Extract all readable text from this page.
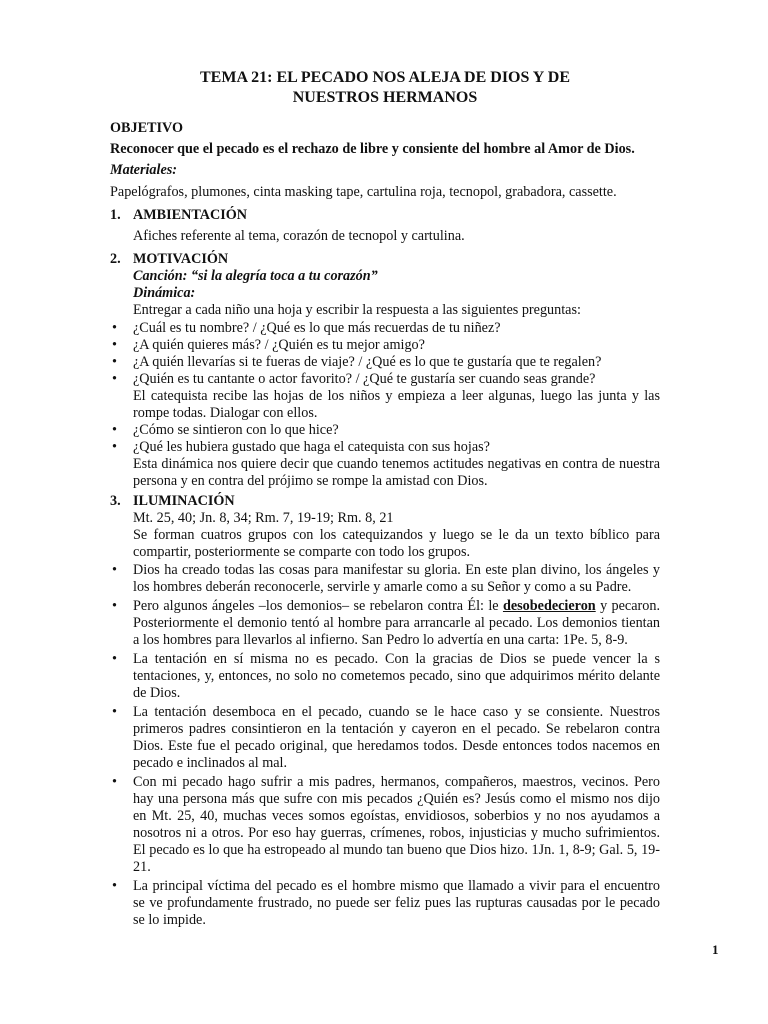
TEMA 21: EL PECADO NOS ALEJA DE DIOS Y DE
NUESTROS HERMANOS

OBJETIVO

Reconocer que el pecado es el rechazo de libre y consiente del hombre al Amor de Dios.

Materiales:

Papelógrafos, plumones, cinta masking tape, cartulina roja, tecnopol, grabadora, cassette.

1. AMBIENTACIÓN

Afiches referente al tema, corazón de tecnopol y cartulina.

2. MOTIVACIÓN

Canción: “si la alegría toca a tu corazón”

Dinámica:

Entregar a cada niño una hoja y escribir la respuesta a las siguientes preguntas:

• ¿Cuál es tu nombre? / ¿Qué es lo que más recuerdas de tu niñez?
• ¿A quién quieres más? / ¿Quién es tu mejor amigo?
• ¿A quién llevarías si te fueras de viaje? / ¿Qué es lo que te gustaría que te regalen?
• ¿Quién es tu cantante o actor favorito? / ¿Qué te gustaría ser cuando seas grande?

El catequista recibe las hojas de los niños y empieza a leer algunas, luego las junta y las rompe todas. Dialogar con ellos.

• ¿Cómo se sintieron con lo que hice?
• ¿Qué les hubiera gustado que haga el catequista con sus hojas?

Esta dinámica nos quiere decir que cuando tenemos actitudes negativas en contra de nuestra persona y en contra del prójimo se rompe la amistad con Dios.

3. ILUMINACIÓN

Mt. 25, 40; Jn. 8, 34; Rm. 7, 19-19; Rm. 8, 21

Se forman cuatros grupos con los catequizandos y luego se le da un texto bíblico para compartir, posteriormente se comparte con todo los grupos.

• Dios ha creado todas las cosas para manifestar su gloria. En este plan divino, los ángeles y los hombres deberán reconocerle, servirle y amarle como a su Señor y como a su Padre.
• Pero algunos ángeles –los demonios– se rebelaron contra Él: le desobedecieron y pecaron. Posteriormente el demonio tentó al hombre para arrancarle al pecado. Los demonios tientan a los hombres para llevarlos al infierno. San Pedro lo advertía en una carta: 1Pe. 5, 8-9.
• La tentación en sí misma no es pecado. Con la gracias de Dios se puede vencer la s tentaciones, y, entonces, no solo no cometemos pecado, sino que adquirimos mérito delante de Dios.
• La tentación desemboca en el pecado, cuando se le hace caso y se consiente. Nuestros primeros padres consintieron en la tentación y cayeron en el pecado. Se rebelaron contra Dios. Este fue el pecado original, que heredamos todos. Desde entonces todos nacemos en pecado e inclinados al mal.
• Con mi pecado hago sufrir a mis padres, hermanos, compañeros, maestros, vecinos. Pero hay una persona más que sufre con mis pecados ¿Quién es? Jesús como el mismo nos dijo en Mt. 25, 40, muchas veces somos egoístas, envidiosos, soberbios y no nos ayudamos a nosotros ni a otros. Por eso hay guerras, crímenes, robos, injusticias y mucho sufrimientos. El pecado es lo que ha estropeado al mundo tan bueno que Dios hizo. 1Jn. 1, 8-9; Gal. 5, 19-21.
• La principal víctima del pecado es el hombre mismo que llamado a vivir para el encuentro se ve profundamente frustrado, no puede ser feliz pues las rupturas causadas por le pecado se lo impide.
1
